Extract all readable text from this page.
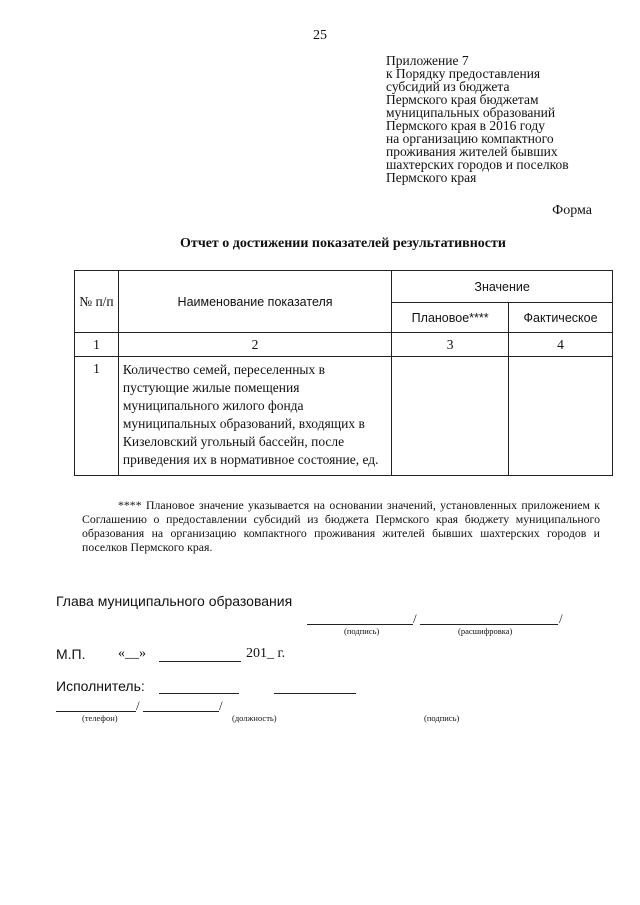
25
Приложение 7
к Порядку предоставления
субсидий из бюджета
Пермского края бюджетам
муниципальных образований
Пермского края в 2016 году
на организацию компактного
проживания жителей бывших
шахтерских городов и поселков
Пермского края
Форма
Отчет о достижении показателей результативности
№ п/п	Наименование показателя	Значение	
		Плановое****	Фактическое
1	2	3	4
1	Количество семей, переселенных в пустующие жилые помещения муниципального жилого фонда муниципальных образований, входящих в Кизеловский угольный бассейн, после приведения их в нормативное состояние, ед.		
**** Плановое значение указывается на основании значений, установленных приложением к Соглашению о предоставлении субсидий из бюджета Пермского края бюджету муниципального образования на организацию компактного проживания жителей бывших шахтерских городов и поселков Пермского края.
Глава муниципального образования
/	/
(подпись)	(расшифровка)
М.П. «__»	201_ г.
Исполнитель:
/	/
(телефон)	(должность)	(подпись)
